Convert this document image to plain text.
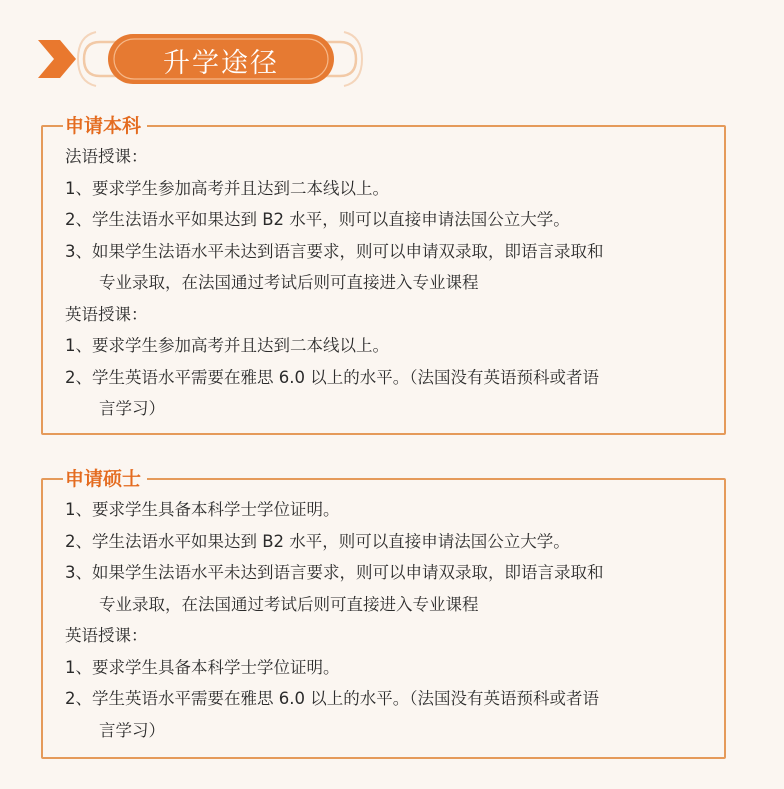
升学途径
申请本科
法语授课：
1、要求学生参加高考并且达到二本线以上。
2、学生法语水平如果达到 B2 水平，则可以直接申请法国公立大学。
3、如果学生法语水平未达到语言要求，则可以申请双录取，即语言录取和
专业录取，在法国通过考试后则可直接进入专业课程
英语授课：
1、要求学生参加高考并且达到二本线以上。
2、学生英语水平需要在雅思 6.0 以上的水平。（法国没有英语预科或者语
言学习）
申请硕士
1、要求学生具备本科学士学位证明。
2、学生法语水平如果达到 B2 水平，则可以直接申请法国公立大学。
3、如果学生法语水平未达到语言要求，则可以申请双录取，即语言录取和
专业录取，在法国通过考试后则可直接进入专业课程
英语授课：
1、要求学生具备本科学士学位证明。
2、学生英语水平需要在雅思 6.0 以上的水平。（法国没有英语预科或者语
言学习）
